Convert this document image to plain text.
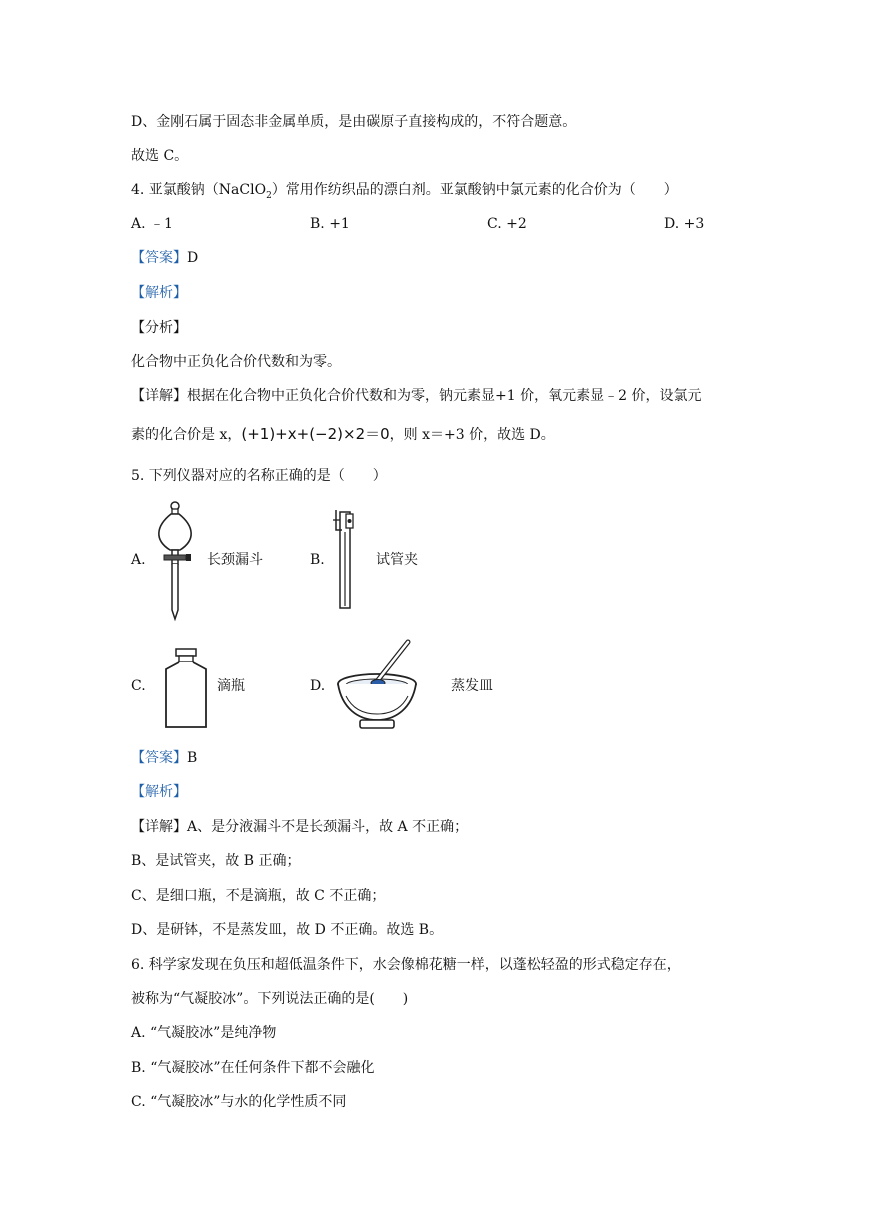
D、金刚石属于固态非金属单质，是由碳原子直接构成的，不符合题意。
故选 C。
4. 亚氯酸钠（NaClO$_2$）常用作纺织品的漂白剂。亚氯酸钠中氯元素的化合价为（　　）
A. ﹣1	B. +1	C. +2	D. +3
【答案】D
【解析】
【分析】
化合物中正负化合价代数和为零。
【详解】根据在化合物中正负化合价代数和为零，钠元素显+1 价，氧元素显﹣2 价，设氯元
素的化合价是 x，(+1)+x+(−2)×2＝0，则 x＝+3 价，故选 D。
5. 下列仪器对应的名称正确的是（　　）
A.	长颈漏斗	B.	试管夹
C.	滴瓶	D.	蒸发皿
【答案】B
【解析】
【详解】A、是分液漏斗不是长颈漏斗，故 A 不正确；
B、是试管夹，故 B 正确；
C、是细口瓶，不是滴瓶，故 C 不正确；
D、是研钵，不是蒸发皿，故 D 不正确。故选 B。
6. 科学家发现在负压和超低温条件下，水会像棉花糖一样，以蓬松轻盈的形式稳定存在，
被称为“气凝胶冰”。下列说法正确的是(　　)
A. “气凝胶冰”是纯净物
B. “气凝胶冰”在任何条件下都不会融化
C. “气凝胶冰”与水的化学性质不同
